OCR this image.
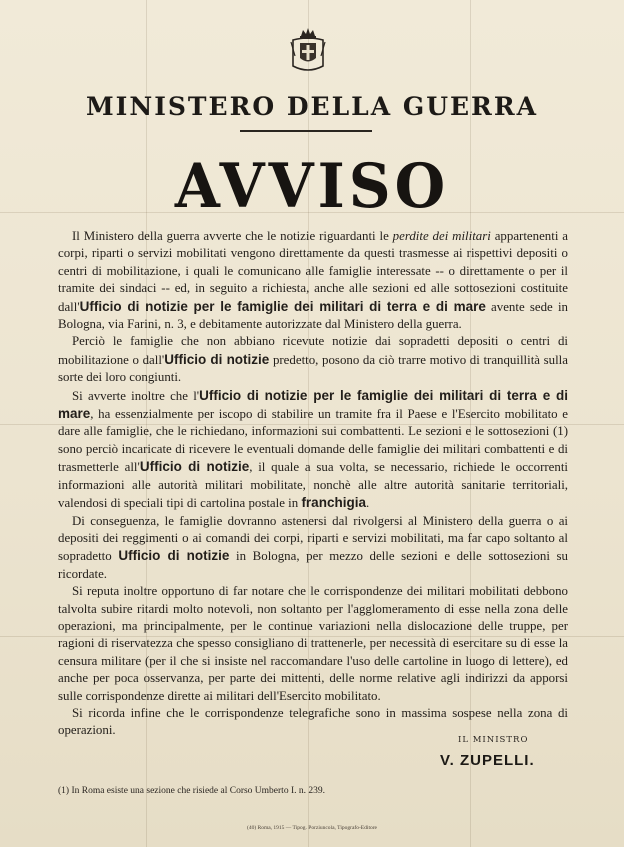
MINISTERO DELLA GUERRA
AVVISO

Il Ministero della guerra avverte che le notizie riguardanti le perdite dei militari appartenenti a corpi, riparti o servizi mobilitati vengono direttamente da questi trasmesse ai rispettivi depositi o centri di mobilitazione, i quali le comunicano alle famiglie interessate -- o direttamente o per il tramite dei sindaci -- ed, in seguito a richiesta, anche alle sezioni ed alle sottosezioni costituite dall'Ufficio di notizie per le famiglie dei militari di terra e di mare avente sede in Bologna, via Farini, n. 3, e debitamente autorizzate dal Ministero della guerra.

Perciò le famiglie che non abbiano ricevute notizie dai sopradetti depositi o centri di mobilitazione o dall'Ufficio di notizie predetto, posono da ciò trarre motivo di tranquillità sulla sorte dei loro congiunti.

Si avverte inoltre che l'Ufficio di notizie per le famiglie dei militari di terra e di mare, ha essenzialmente per iscopo di stabilire un tramite fra il Paese e l'Esercito mobilitato e dare alle famiglie, che le richiedano, informazioni sui combattenti. Le sezioni e le sottosezioni (1) sono perciò incaricate di ricevere le eventuali domande delle famiglie dei militari combattenti e di trasmetterle all'Ufficio di notizie, il quale a sua volta, se necessario, richiede le occorrenti informazioni alle autorità militari mobilitate, nonchè alle altre autorità sanitarie territoriali, valendosi di speciali tipi di cartolina postale in franchigia.

Di conseguenza, le famiglie dovranno astenersi dal rivolgersi al Ministero della guerra o ai depositi dei reggimenti o ai comandi dei corpi, riparti e servizi mobilitati, ma far capo soltanto al sopradetto Ufficio di notizie in Bologna, per mezzo delle sezioni e delle sottosezioni su ricordate.

Si reputa inoltre opportuno di far notare che le corrispondenze dei militari mobilitati debbono talvolta subire ritardi molto notevoli, non soltanto per l'agglomeramento di esse nella zona delle operazioni, ma principalmente, per le continue variazioni nella dislocazione delle truppe, per ragioni di riservatezza che spesso consigliano di trattenerle, per necessità di esercitare su di esse la censura militare (per il che si insiste nel raccomandare l'uso delle cartoline in luogo di lettere), ed anche per poca osservanza, per parte dei mittenti, delle norme relative agli indirizzi da apporsi sulle corrispondenze dirette ai militari dell'Esercito mobilitato.

Si ricorda infine che le corrispondenze telegrafiche sono in massima sospese nella zona di operazioni.

IL MINISTRO
V. ZUPELLI.
(1) In Roma esiste una sezione che risiede al Corso Umberto I. n. 239.
(40) Roma, 1915 — Tipog. Porziuncola, Tipografo-Editore
